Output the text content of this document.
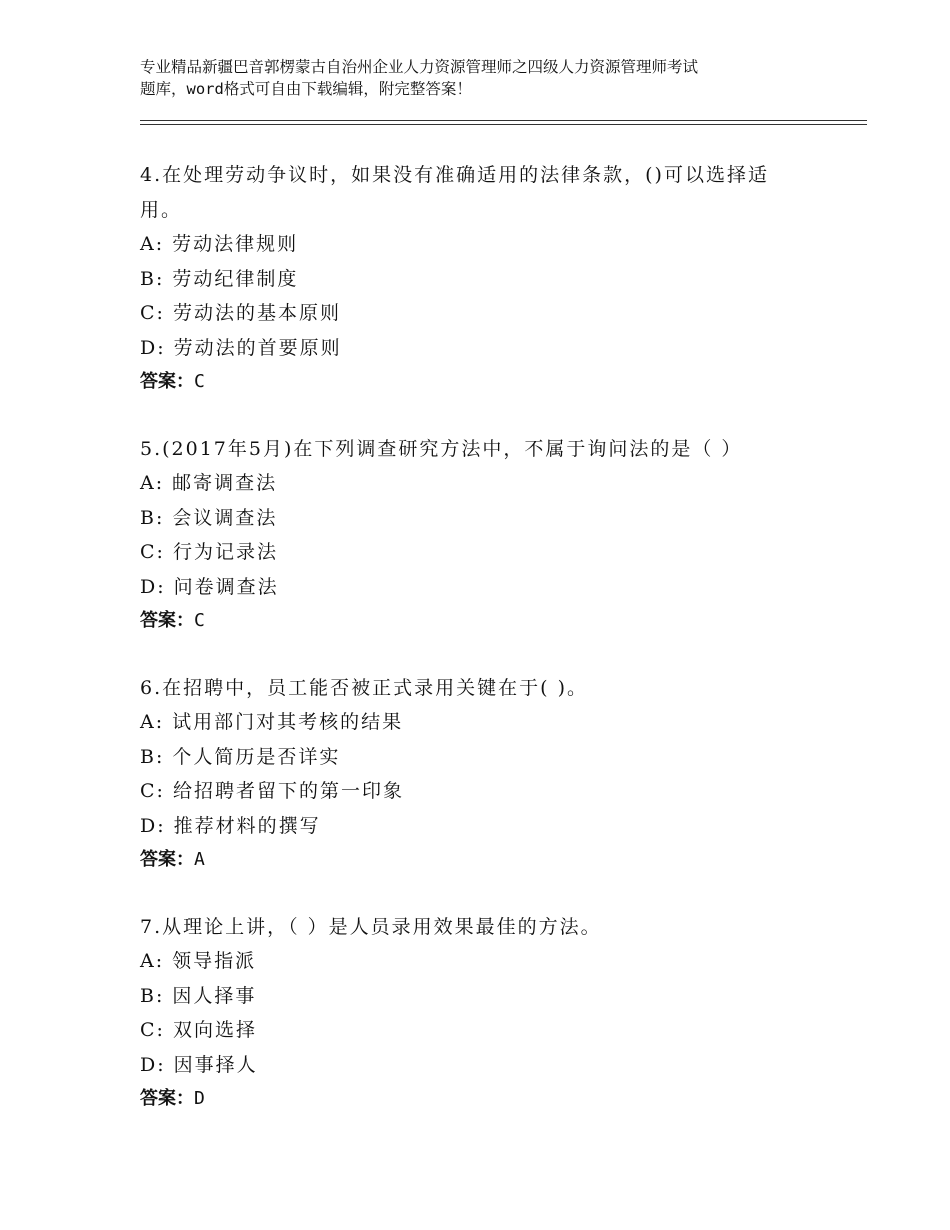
专业精品新疆巴音郭楞蒙古自治州企业人力资源管理师之四级人力资源管理师考试
题库，word格式可自由下载编辑，附完整答案！
4.在处理劳动争议时，如果没有准确适用的法律条款，()可以选择适
用。
A: 劳动法律规则
B: 劳动纪律制度
C: 劳动法的基本原则
D: 劳动法的首要原则
答案：C
5.(2017年5月)在下列调查研究方法中，不属于询问法的是（ ）
A: 邮寄调查法
B: 会议调查法
C: 行为记录法
D: 问卷调查法
答案：C
6.在招聘中，员工能否被正式录用关键在于( )。
A: 试用部门对其考核的结果
B: 个人简历是否详实
C: 给招聘者留下的第一印象
D: 推荐材料的撰写
答案：A
7.从理论上讲，（ ）是人员录用效果最佳的方法。
A: 领导指派
B: 因人择事
C: 双向选择
D: 因事择人
答案：D
